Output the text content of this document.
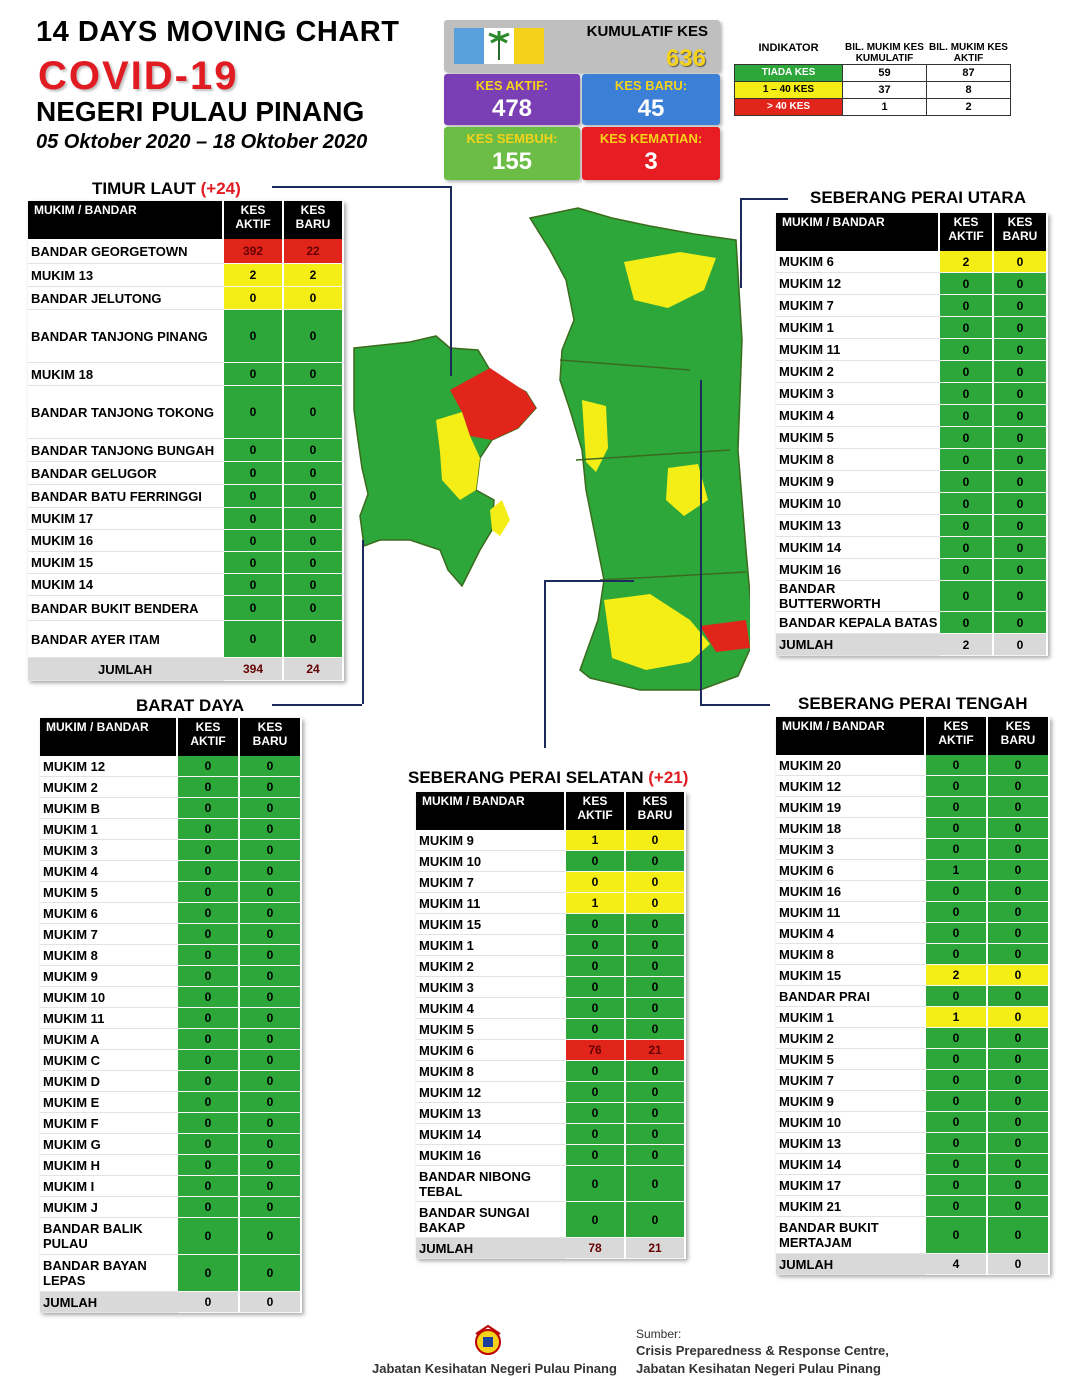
14 DAYS MOVING CHART
COVID-19
NEGERI PULAU PINANG
05 Oktober 2020 – 18 Oktober 2020
KUMULATIF KES
636
KES AKTIF:
478
KES BARU:
45
KES SEMBUH:
155
KES KEMATIAN:
3
INDIKATOR	BIL. MUKIM KES KUMULATIF	BIL. MUKIM KES AKTIF
TIADA KES	59	87
1 – 40 KES	37	8
> 40 KES	1	2
TIMUR LAUT (+24)
MUKIM / BANDAR	KES AKTIF	KES BARU
BANDAR GEORGETOWN	392	22
MUKIM 13	2	2
BANDAR JELUTONG	0	0
BANDAR TANJONG PINANG	0	0
MUKIM 18	0	0
BANDAR TANJONG TOKONG	0	0
BANDAR TANJONG BUNGAH	0	0
BANDAR GELUGOR	0	0
BANDAR BATU FERRINGGI	0	0
MUKIM 17	0	0
MUKIM 16	0	0
MUKIM 15	0	0
MUKIM 14	0	0
BANDAR BUKIT BENDERA	0	0
BANDAR AYER ITAM	0	0
JUMLAH	394	24
SEBERANG PERAI UTARA
MUKIM / BANDAR	KES AKTIF	KES BARU
MUKIM 6	2	0
MUKIM 12	0	0
MUKIM 7	0	0
MUKIM 1	0	0
MUKIM 11	0	0
MUKIM 2	0	0
MUKIM 3	0	0
MUKIM 4	0	0
MUKIM 5	0	0
MUKIM 8	0	0
MUKIM 9	0	0
MUKIM 10	0	0
MUKIM 13	0	0
MUKIM 14	0	0
MUKIM 16	0	0
BANDAR BUTTERWORTH	0	0
BANDAR KEPALA BATAS	0	0
JUMLAH	2	0
BARAT DAYA
MUKIM / BANDAR	KES AKTIF	KES BARU
MUKIM 12	0	0
MUKIM 2	0	0
MUKIM B	0	0
MUKIM 1	0	0
MUKIM 3	0	0
MUKIM 4	0	0
MUKIM 5	0	0
MUKIM 6	0	0
MUKIM 7	0	0
MUKIM 8	0	0
MUKIM 9	0	0
MUKIM 10	0	0
MUKIM 11	0	0
MUKIM A	0	0
MUKIM C	0	0
MUKIM D	0	0
MUKIM E	0	0
MUKIM F	0	0
MUKIM G	0	0
MUKIM H	0	0
MUKIM I	0	0
MUKIM J	0	0
BANDAR BALIK PULAU	0	0
BANDAR BAYAN LEPAS	0	0
JUMLAH	0	0
SEBERANG PERAI SELATAN (+21)
MUKIM / BANDAR	KES AKTIF	KES BARU
MUKIM 9	1	0
MUKIM 10	0	0
MUKIM 7	0	0
MUKIM 11	1	0
MUKIM 15	0	0
MUKIM 1	0	0
MUKIM 2	0	0
MUKIM 3	0	0
MUKIM 4	0	0
MUKIM 5	0	0
MUKIM 6	76	21
MUKIM 8	0	0
MUKIM 12	0	0
MUKIM 13	0	0
MUKIM 14	0	0
MUKIM 16	0	0
BANDAR NIBONG TEBAL	0	0
BANDAR SUNGAI BAKAP	0	0
JUMLAH	78	21
SEBERANG PERAI TENGAH
MUKIM / BANDAR	KES AKTIF	KES BARU
MUKIM 20	0	0
MUKIM 12	0	0
MUKIM 19	0	0
MUKIM 18	0	0
MUKIM 3	0	0
MUKIM 6	1	0
MUKIM 16	0	0
MUKIM 11	0	0
MUKIM 4	0	0
MUKIM 8	0	0
MUKIM 15	2	0
BANDAR PRAI	0	0
MUKIM 1	1	0
MUKIM 2	0	0
MUKIM 5	0	0
MUKIM 7	0	0
MUKIM 9	0	0
MUKIM 10	0	0
MUKIM 13	0	0
MUKIM 14	0	0
MUKIM 17	0	0
MUKIM 21	0	0
BANDAR BUKIT MERTAJAM	0	0
JUMLAH	4	0
Jabatan Kesihatan Negeri Pulau Pinang
Sumber:
Crisis Preparedness & Response Centre,
Jabatan Kesihatan Negeri Pulau Pinang
